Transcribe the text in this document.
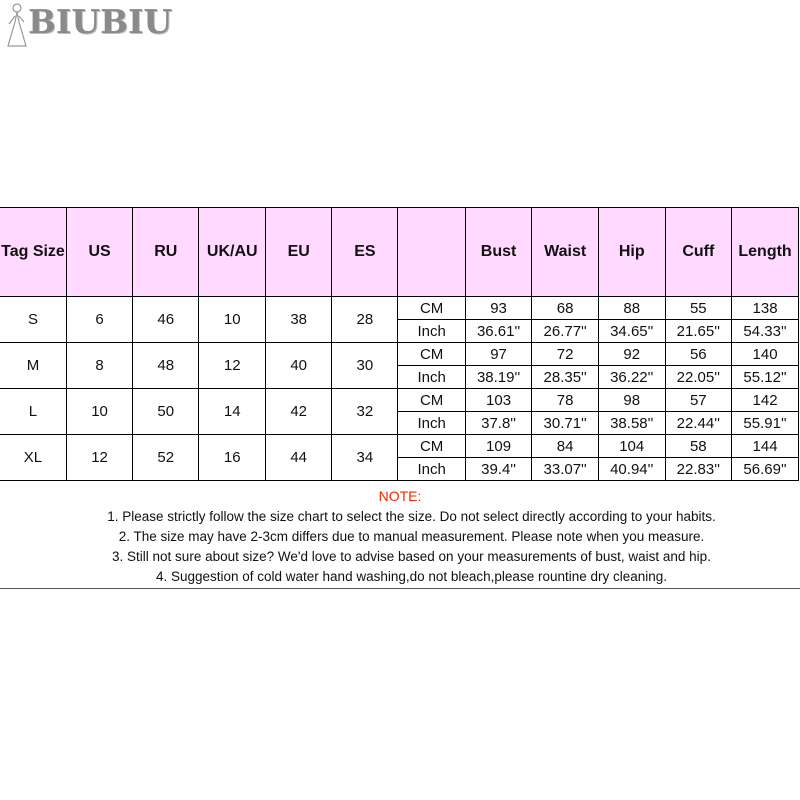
BIUBIU
Tag Size	US	RU	UK/AU	EU	ES		Bust	Waist	Hip	Cuff	Length
S	6	46	10	38	28	CM	93	68	88	55	138
						Inch	36.61''	26.77''	34.65''	21.65''	54.33''
M	8	48	12	40	30	CM	97	72	92	56	140
						Inch	38.19''	28.35''	36.22''	22.05''	55.12''
L	10	50	14	42	32	CM	103	78	98	57	142
						Inch	37.8''	30.71''	38.58''	22.44''	55.91''
XL	12	52	16	44	34	CM	109	84	104	58	144
						Inch	39.4''	33.07''	40.94''	22.83''	56.69''
NOTE:
1. Please strictly follow the size chart to select the size. Do not select directly according to your habits.
2. The size may have 2-3cm differs due to manual measurement. Please note when you measure.
3. Still not sure about size? We'd love to advise based on your measurements of bust, waist and hip.
4. Suggestion of cold water hand washing,do not bleach,please rountine dry cleaning.
